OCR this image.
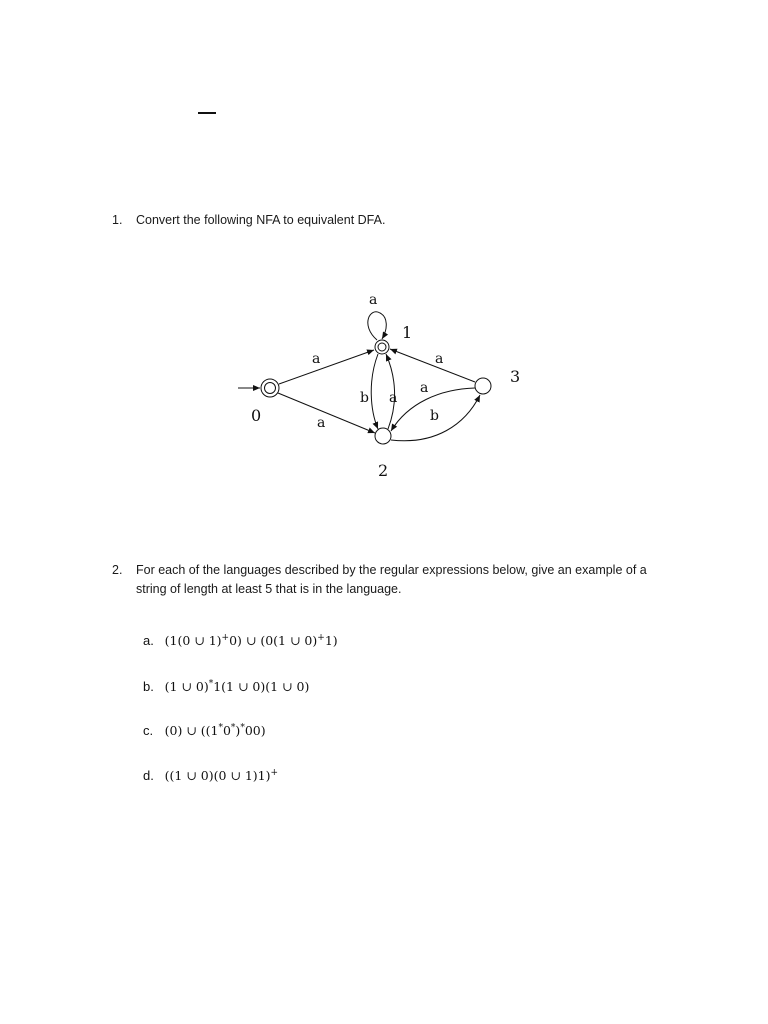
1. Convert the following NFA to equivalent DFA.
a
a
a
b a
a
a
b
0
1
2
3
2. For each of the languages described by the regular expressions below, give an example of a string of length at least 5 that is in the language.
a. (1(0 ∪ 1)+0) ∪ (0(1 ∪ 0)+1)
b. (1 ∪ 0)*1(1 ∪ 0)(1 ∪ 0)
c. (0) ∪ ((1*0*)*00)
d. ((1 ∪ 0)(0 ∪ 1)1)+
